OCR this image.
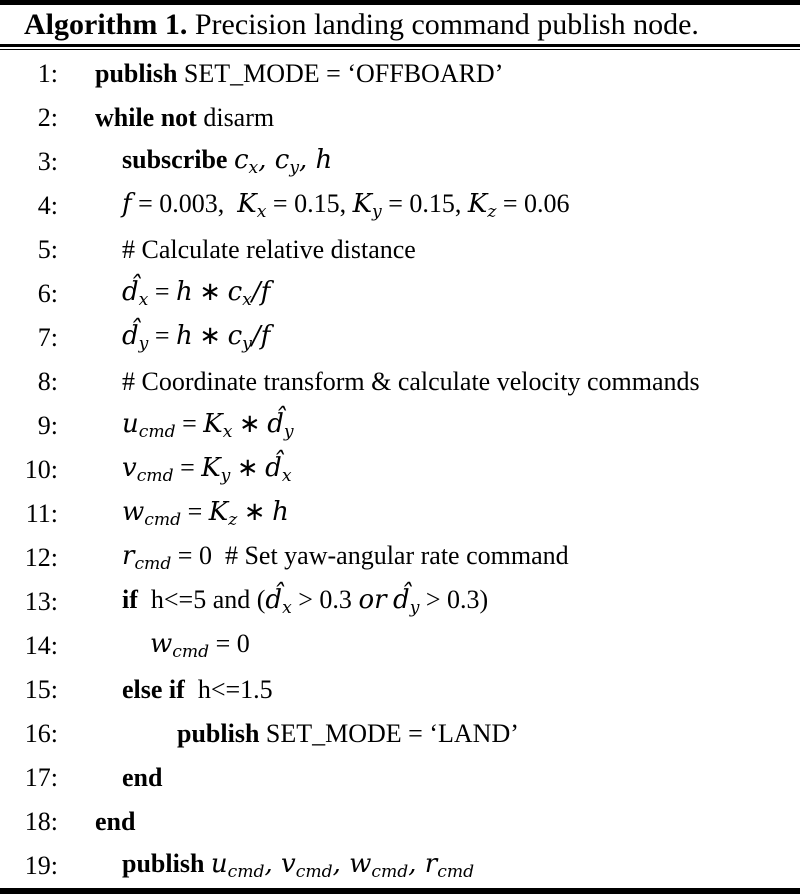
Algorithm 1. Precision landing command publish node.
1:	publish SET_MODE = ‘OFFBOARD’
2:	while not disarm
3:	subscribe cx, cy, h
4:	f = 0.003,  Kx = 0.15, Ky = 0.15, Kz = 0.06
5:	# Calculate relative distance
6:	d̂x = h ∗ cx/f
7:	d̂y = h ∗ cy/f
8:	# Coordinate transform & calculate velocity commands
9:	ucmd = Kx ∗ d̂y
10:	vcmd = Ky ∗ d̂x
11:	wcmd = Kz ∗ h
12:	rcmd = 0  # Set yaw-angular rate command
13:	if  h<=5 and (d̂x > 0.3 or d̂y > 0.3)
14:	wcmd = 0
15:	else if  h<=1.5
16:	publish SET_MODE = ‘LAND’
17:	end
18:	end
19:	publish ucmd, vcmd, wcmd, rcmd
